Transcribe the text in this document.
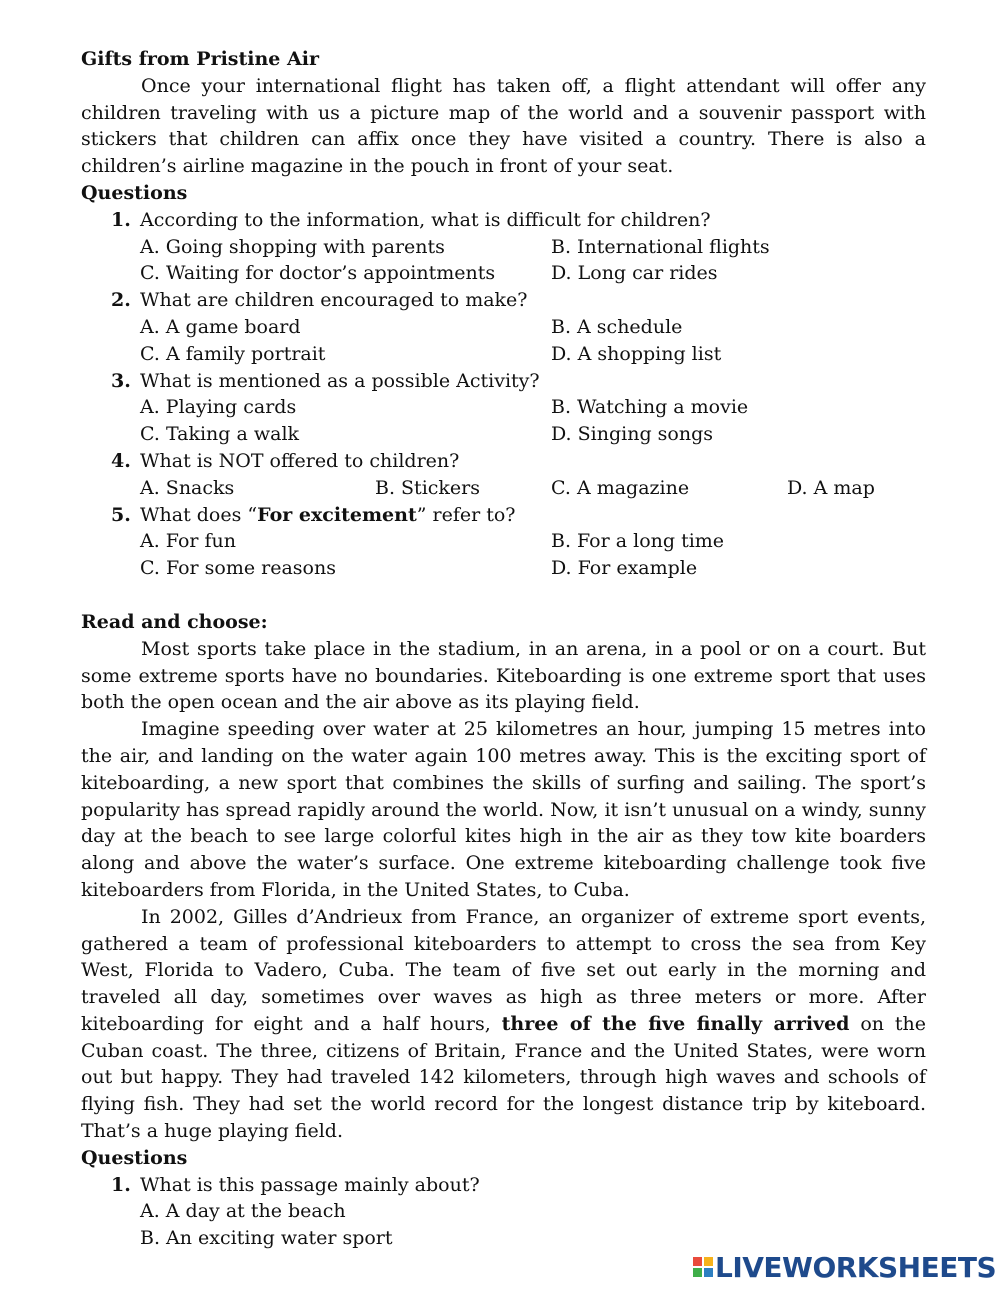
Gifts from Pristine Air

Once your international flight has taken off, a flight attendant will offer any children traveling with us a picture map of the world and a souvenir passport with stickers that children can affix once they have visited a country. There is also a children’s airline magazine in the pouch in front of your seat.

Questions

1. According to the information, what is difficult for children?
A. Going shopping with parents	B. International flights
C. Waiting for doctor’s appointments	D. Long car rides
2. What are children encouraged to make?
A. A game board	B. A schedule
C. A family portrait	D. A shopping list
3. What is mentioned as a possible Activity?
A. Playing cards	B. Watching a movie
C. Taking a walk	D. Singing songs
4. What is NOT offered to children?
A. Snacks	B. Stickers	C. A magazine	D. A map
5. What does “For excitement” refer to?
A. For fun	B. For a long time
C. For some reasons	D. For example

Read and choose:

Most sports take place in the stadium, in an arena, in a pool or on a court. But some extreme sports have no boundaries. Kiteboarding is one extreme sport that uses both the open ocean and the air above as its playing field.

Imagine speeding over water at 25 kilometres an hour, jumping 15 metres into the air, and landing on the water again 100 metres away. This is the exciting sport of kiteboarding, a new sport that combines the skills of surfing and sailing. The sport’s popularity has spread rapidly around the world. Now, it isn’t unusual on a windy, sunny day at the beach to see large colorful kites high in the air as they tow kite boarders along and above the water’s surface. One extreme kiteboarding challenge took five kiteboarders from Florida, in the United States, to Cuba.

In 2002, Gilles d’Andrieux from France, an organizer of extreme sport events, gathered a team of professional kiteboarders to attempt to cross the sea from Key West, Florida to Vadero, Cuba. The team of five set out early in the morning and traveled all day, sometimes over waves as high as three meters or more. After kiteboarding for eight and a half hours, three of the five finally arrived on the Cuban coast. The three, citizens of Britain, France and the United States, were worn out but happy. They had traveled 142 kilometers, through high waves and schools of flying fish. They had set the world record for the longest distance trip by kiteboard. That’s a huge playing field.

Questions

1. What is this passage mainly about?
A. A day at the beach
B. An exciting water sport
LIVEWORKSHEETS
